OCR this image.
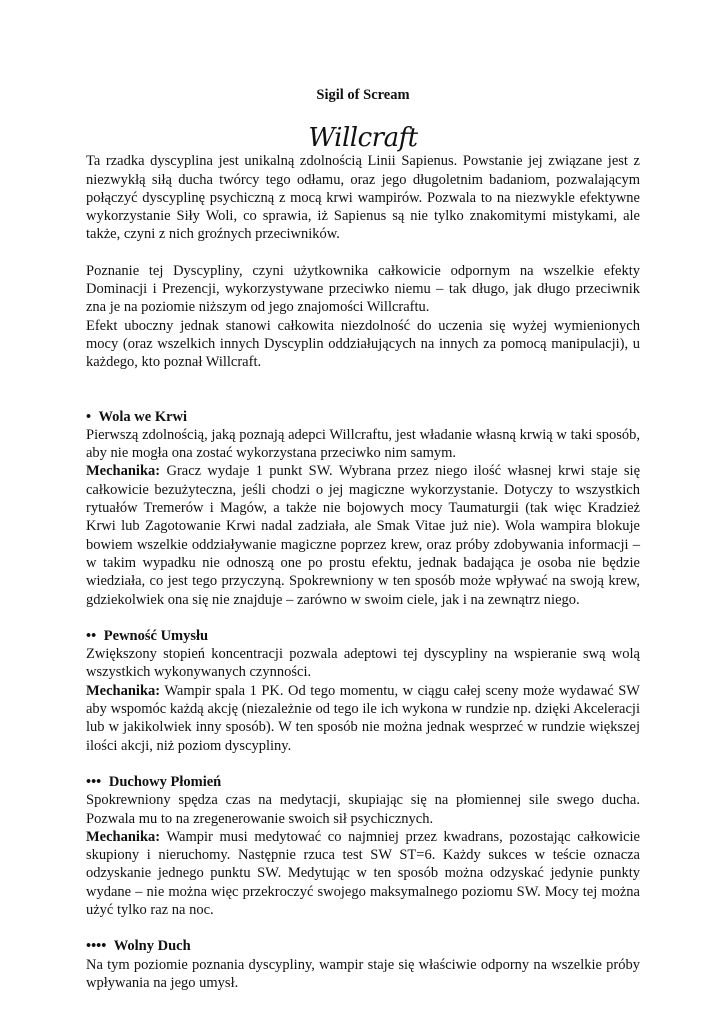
Sigil of Scream
Willcraft

Ta rzadka dyscyplina jest unikalną zdolnością Linii Sapienus. Powstanie jej związane jest z niezwykłą siłą ducha twórcy tego odłamu, oraz jego długoletnim badaniom, pozwalającym połączyć dyscyplinę psychiczną z mocą krwi wampirów. Pozwala to na niezwykle efektywne wykorzystanie Siły Woli, co sprawia, iż Sapienus są nie tylko znakomitymi mistykami, ale także, czyni z nich groźnych przeciwników.

Poznanie tej Dyscypliny, czyni użytkownika całkowicie odpornym na wszelkie efekty Dominacji i Prezencji, wykorzystywane przeciwko niemu – tak długo, jak długo przeciwnik zna je na poziomie niższym od jego znajomości Willcraftu.

Efekt uboczny jednak stanowi całkowita niezdolność do uczenia się wyżej wymienionych mocy (oraz wszelkich innych Dyscyplin oddziałujących na innych za pomocą manipulacji), u każdego, kto poznał Willcraft.

• Wola we Krwi

Pierwszą zdolnością, jaką poznają adepci Willcraftu, jest władanie własną krwią w taki sposób, aby nie mogła ona zostać wykorzystana przeciwko nim samym.

Mechanika: Gracz wydaje 1 punkt SW. Wybrana przez niego ilość własnej krwi staje się całkowicie bezużyteczna, jeśli chodzi o jej magiczne wykorzystanie. Dotyczy to wszystkich rytuałów Tremerów i Magów, a także nie bojowych mocy Taumaturgii (tak więc Kradzież Krwi lub Zagotowanie Krwi nadal zadziała, ale Smak Vitae już nie). Wola wampira blokuje bowiem wszelkie oddziaływanie magiczne poprzez krew, oraz próby zdobywania informacji – w takim wypadku nie odnoszą one po prostu efektu, jednak badająca je osoba nie będzie wiedziała, co jest tego przyczyną. Spokrewniony w ten sposób może wpływać na swoją krew, gdziekolwiek ona się nie znajduje – zarówno w swoim ciele, jak i na zewnątrz niego.

•• Pewność Umysłu

Zwiększony stopień koncentracji pozwala adeptowi tej dyscypliny na wspieranie swą wolą wszystkich wykonywanych czynności.

Mechanika: Wampir spala 1 PK. Od tego momentu, w ciągu całej sceny może wydawać SW aby wspomóc każdą akcję (niezależnie od tego ile ich wykona w rundzie np. dzięki Akceleracji lub w jakikolwiek inny sposób). W ten sposób nie można jednak wesprzeć w rundzie większej ilości akcji, niż poziom dyscypliny.

••• Duchowy Płomień

Spokrewniony spędza czas na medytacji, skupiając się na płomiennej sile swego ducha. Pozwala mu to na zregenerowanie swoich sił psychicznych.

Mechanika: Wampir musi medytować co najmniej przez kwadrans, pozostając całkowicie skupiony i nieruchomy. Następnie rzuca test SW ST=6. Każdy sukces w teście oznacza odzyskanie jednego punktu SW. Medytując w ten sposób można odzyskać jedynie punkty wydane – nie można więc przekroczyć swojego maksymalnego poziomu SW. Mocy tej można użyć tylko raz na noc.

•••• Wolny Duch

Na tym poziomie poznania dyscypliny, wampir staje się właściwie odporny na wszelkie próby wpływania na jego umysł.
